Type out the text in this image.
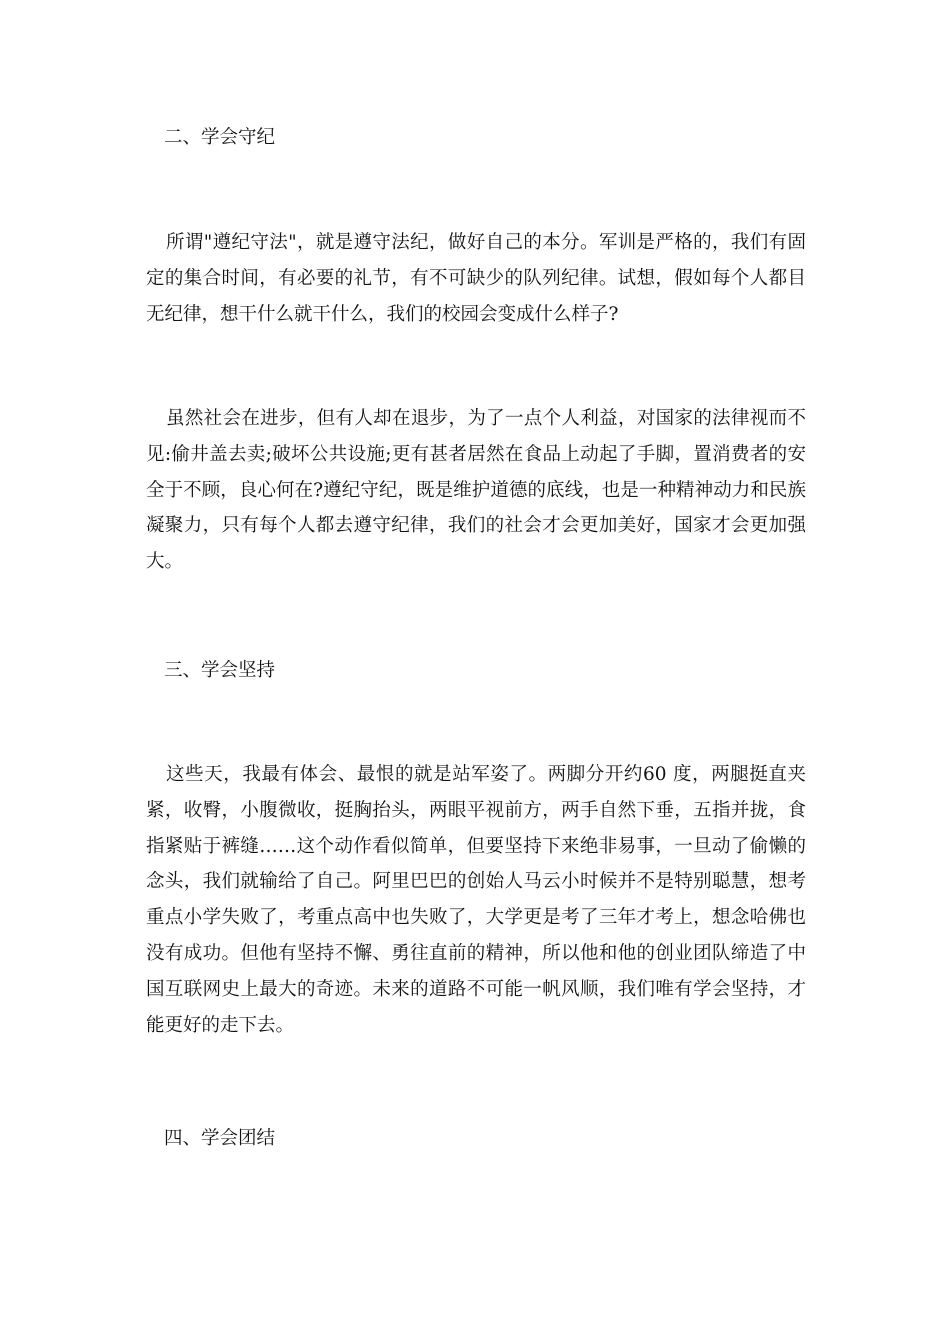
二、学会守纪

所谓"遵纪守法"，就是遵守法纪，做好自己的本分。军训是严格的，我们有固定的集合时间，有必要的礼节，有不可缺少的队列纪律。试想，假如每个人都目无纪律，想干什么就干什么，我们的校园会变成什么样子?

虽然社会在进步，但有人却在退步，为了一点个人利益，对国家的法律视而不见:偷井盖去卖;破坏公共设施;更有甚者居然在食品上动起了手脚，置消费者的安全于不顾，良心何在?遵纪守纪，既是维护道德的底线，也是一种精神动力和民族凝聚力，只有每个人都去遵守纪律，我们的社会才会更加美好，国家才会更加强大。

三、学会坚持

这些天，我最有体会、最恨的就是站军姿了。两脚分开约60 度，两腿挺直夹紧，收臀，小腹微收，挺胸抬头，两眼平视前方，两手自然下垂，五指并拢，食指紧贴于裤缝……这个动作看似简单，但要坚持下来绝非易事，一旦动了偷懒的念头，我们就输给了自己。阿里巴巴的创始人马云小时候并不是特别聪慧，想考重点小学失败了，考重点高中也失败了，大学更是考了三年才考上，想念哈佛也没有成功。但他有坚持不懈、勇往直前的精神，所以他和他的创业团队缔造了中国互联网史上最大的奇迹。未来的道路不可能一帆风顺，我们唯有学会坚持，才能更好的走下去。

四、学会团结
